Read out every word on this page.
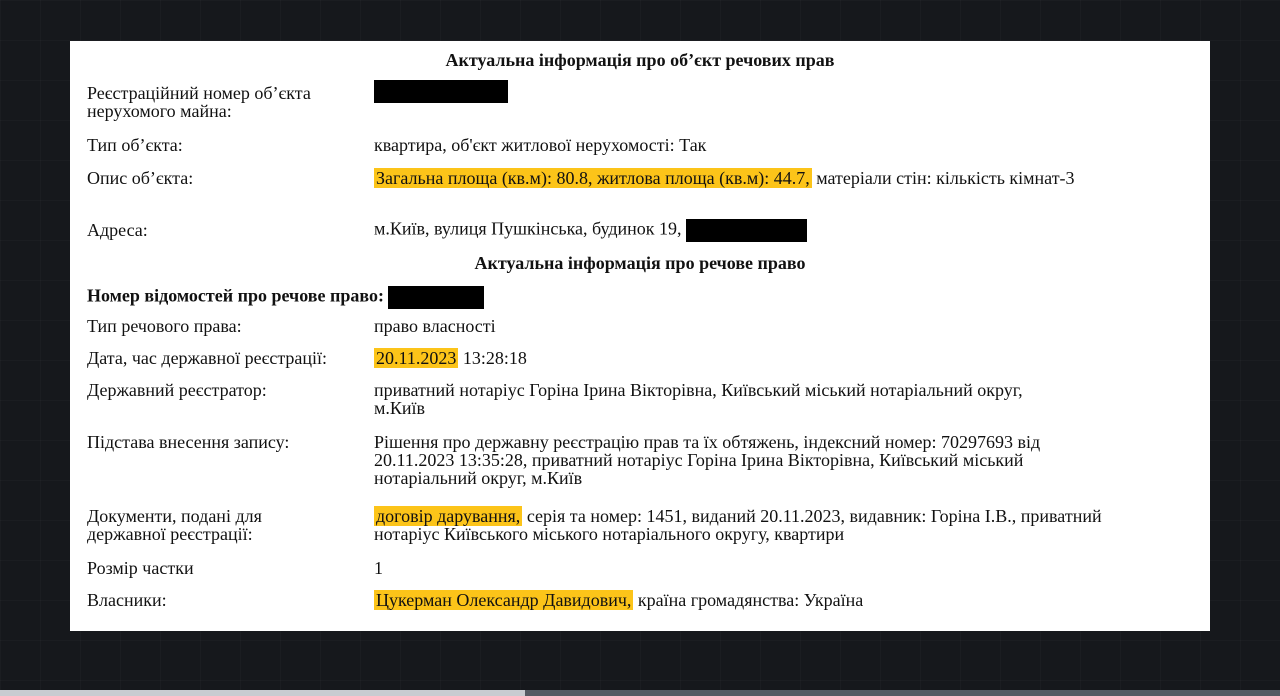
Актуальна інформація про об’єкт речових прав
Реєстраційний номер об’єкта нерухомого майна:
Тип об’єкта:	квартира, об'єкт житлової нерухомості: Так
Опис об’єкта:	Загальна площа (кв.м): 80.8, житлова площа (кв.м): 44.7, матеріали стін: кількість кімнат-3
Адреса:	м.Київ, вулиця Пушкінська, будинок 19,
Актуальна інформація про речове право
Номер відомостей про речове право:
Тип речового права:	право власності
Дата, час державної реєстрації:	20.11.2023 13:28:18
Державний реєстратор:	приватний нотаріус Горіна Ірина Вікторівна, Київський міський нотаріальний округ, м.Київ
Підстава внесення запису:	Рішення про державну реєстрацію прав та їх обтяжень, індексний номер: 70297693 від 20.11.2023 13:35:28, приватний нотаріус Горіна Ірина Вікторівна, Київський міський нотаріальний округ, м.Київ
Документи, подані для державної реєстрації:
договір дарування, серія та номер: 1451, виданий 20.11.2023, видавник: Горіна І.В., приватний нотаріус Київського міського нотаріального округу, квартири
Розмір частки	1
Власники:	Цукерман Олександр Давидович, країна громадянства: Україна
